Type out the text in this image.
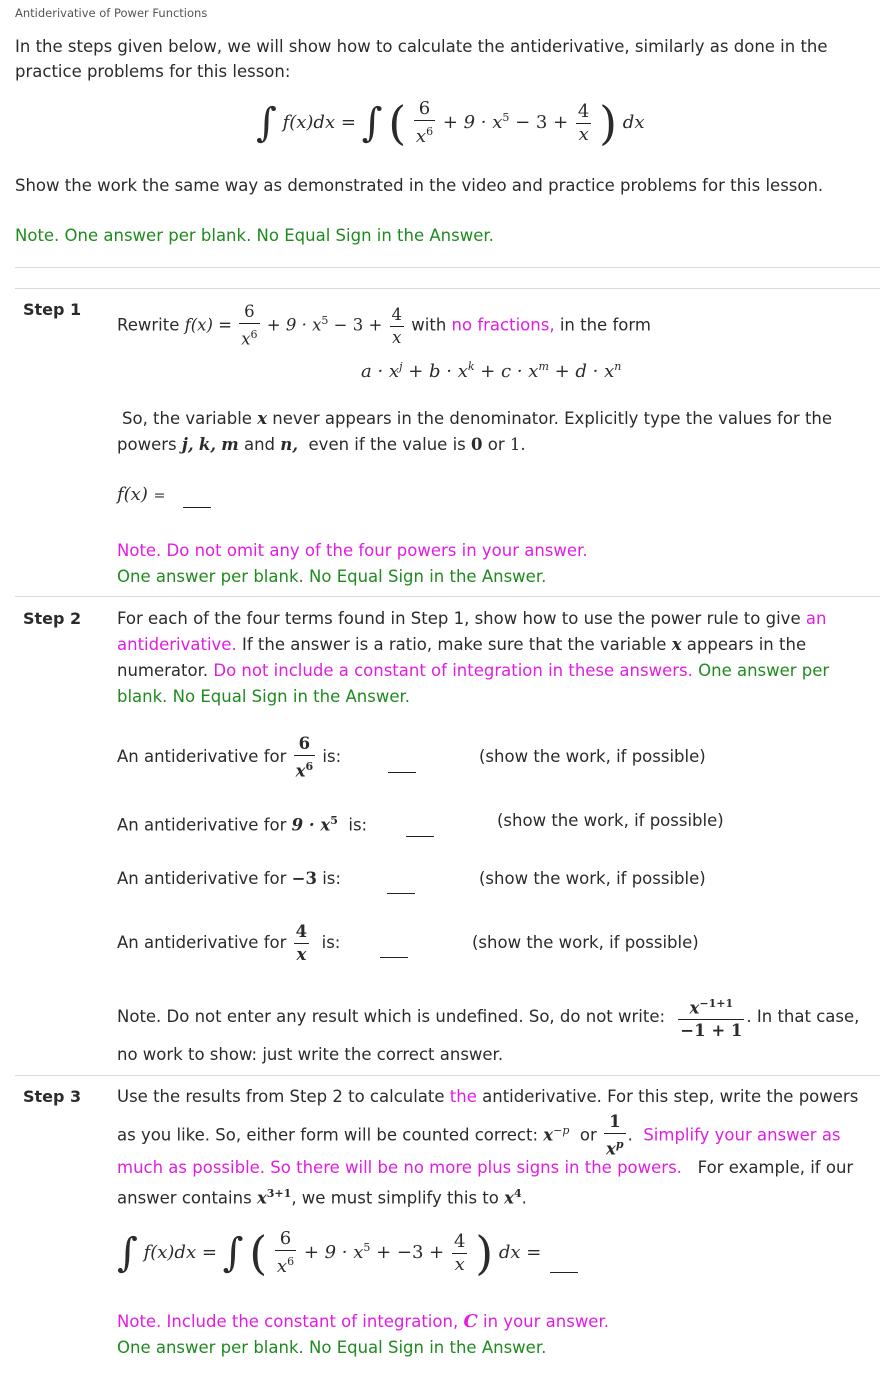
Antiderivative of Power Functions
In the steps given below, we will show how to calculate the antiderivative, similarly as done in the
practice problems for this lesson:
∫ f(x)dx = ∫ ( $\frac{6}{x^6} + 9 \cdot x^5 - 3 + \frac{4}{x}$ ) dx
Show the work the same way as demonstrated in the video and practice problems for this lesson.
Note. One answer per blank. No Equal Sign in the Answer.
Step 1
Rewrite $f(x) = \frac{6}{x^6} + 9 \cdot x^5 - 3 + \frac{4}{x}$ with no fractions, in the form
$a \cdot x^j + b \cdot x^k + c \cdot x^m + d \cdot x^n$
So, the variable x never appears in the denominator. Explicitly type the values for the
powers j, k, m and n, even if the value is 0 or 1.
f(x) =
Note. Do not omit any of the four powers in your answer.
One answer per blank. No Equal Sign in the Answer.
Step 2 For each of the four terms found in Step 1, show how to use the power rule to give an
antiderivative. If the answer is a ratio, make sure that the variable x appears in the
numerator. Do not include a constant of integration in these answers. One answer per
blank. No Equal Sign in the Answer.
An antiderivative for $\frac{6}{x^6}$ is:	(show the work, if possible)
An antiderivative for $9 \cdot x^5$ is:	(show the work, if possible)
An antiderivative for −3 is:	(show the work, if possible)
An antiderivative for $\frac{4}{x}$ is:	(show the work, if possible)
Note. Do not enter any result which is undefined. So, do not write: $\frac{x^{-1+1}}{-1 + 1}$ . In that case,
no work to show: just write the correct answer.
Step 3 Use the results from Step 2 to calculate the antiderivative. For this step, write the powers
as you like. So, either form will be counted correct: $x^{-p}$ or $\frac{1}{x^p}$ . Simplify your answer as
much as possible. So there will be no more plus signs in the powers. For example, if our
answer contains $x^{3+1}$, we must simplify this to $x^4$.
∫ f(x)dx = ∫ ( $\frac{6}{x^6} + 9 \cdot x^5 + -3 + \frac{4}{x}$ ) dx =
Note. Include the constant of integration, C in your answer.
One answer per blank. No Equal Sign in the Answer.
